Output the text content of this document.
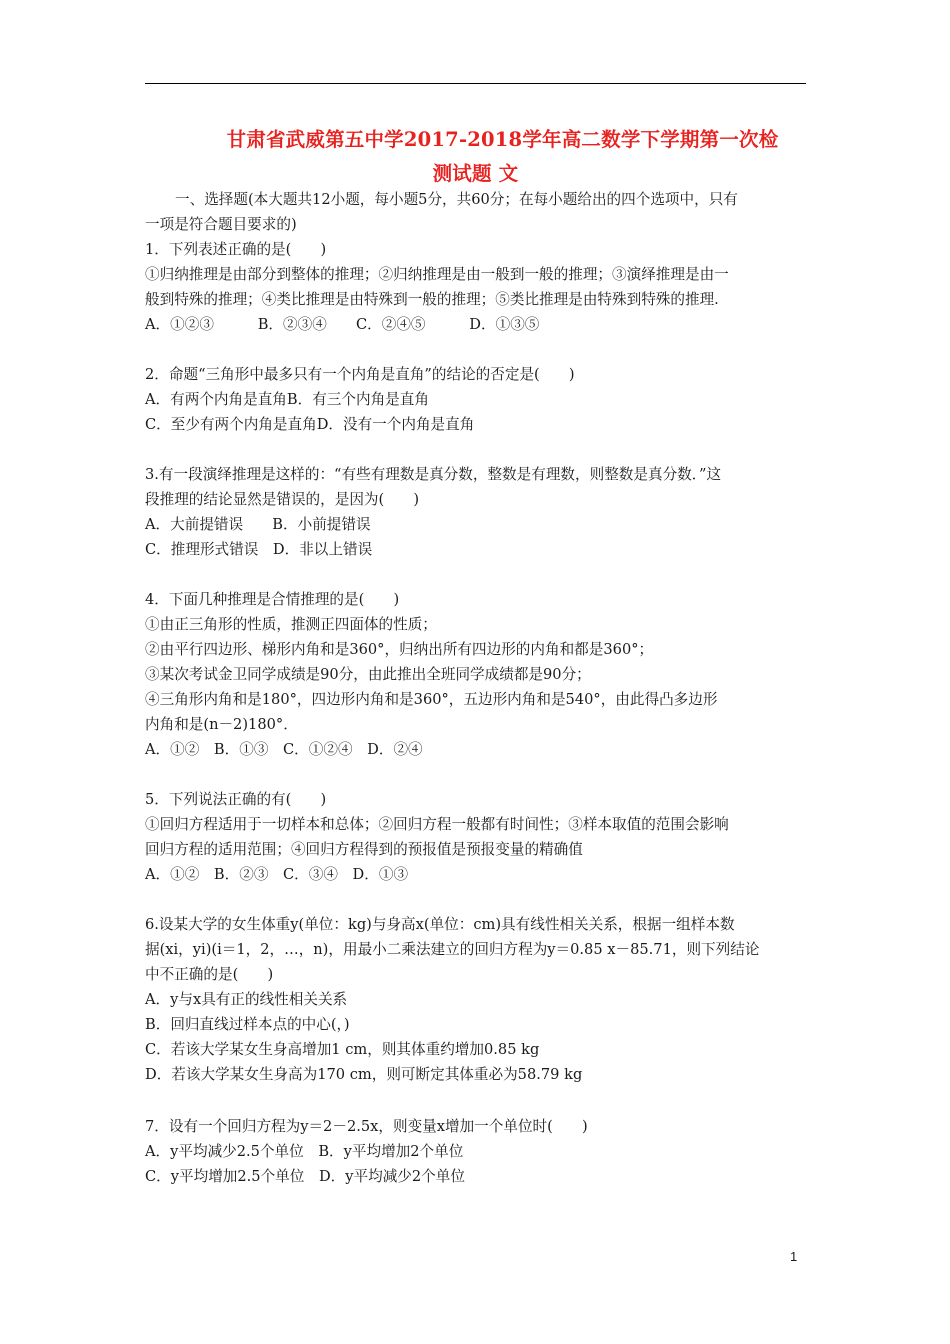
甘肃省武威第五中学2017-2018学年高二数学下学期第一次检
测试题 文
一、选择题(本大题共12小题，每小题5分，共60分；在每小题给出的四个选项中，只有
一项是符合题目要求的)
1．下列表述正确的是(　　)
①归纳推理是由部分到整体的推理；②归纳推理是由一般到一般的推理；③演绎推理是由一
般到特殊的推理；④类比推理是由特殊到一般的推理；⑤类比推理是由特殊到特殊的推理.
A．①②③　　　B．②③④　　C．②④⑤　　　D．①③⑤
2．命题“三角形中最多只有一个内角是直角”的结论的否定是(　　)
A．有两个内角是直角B．有三个内角是直角
C．至少有两个内角是直角D．没有一个内角是直角
3.有一段演绎推理是这样的：“有些有理数是真分数，整数是有理数，则整数是真分数．”这
段推理的结论显然是错误的，是因为(　　)
A．大前提错误　　B．小前提错误
C．推理形式错误　D．非以上错误
4．下面几种推理是合情推理的是(　　)
①由正三角形的性质，推测正四面体的性质；
②由平行四边形、梯形内角和是360°，归纳出所有四边形的内角和都是360°；
③某次考试金卫同学成绩是90分，由此推出全班同学成绩都是90分；
④三角形内角和是180°，四边形内角和是360°，五边形内角和是540°，由此得凸多边形
内角和是(n－2)180°．
A．①②　B．①③　C．①②④　D．②④
5．下列说法正确的有(　　)
①回归方程适用于一切样本和总体；②回归方程一般都有时间性；③样本取值的范围会影响
回归方程的适用范围；④回归方程得到的预报值是预报变量的精确值
A．①②　B．②③　C．③④　D．①③
6.设某大学的女生体重y(单位：kg)与身高x(单位：cm)具有线性相关关系，根据一组样本数
据(xi，yi)(i＝1，2，…，n)，用最小二乘法建立的回归方程为y＝0.85 x－85.71，则下列结论
中不正确的是(　　)
A．y与x具有正的线性相关关系
B．回归直线过样本点的中心(，)
C．若该大学某女生身高增加1 cm，则其体重约增加0.85 kg
D．若该大学某女生身高为170 cm，则可断定其体重必为58.79 kg
7．设有一个回归方程为y＝2－2.5x，则变量x增加一个单位时(　　)
A．y平均减少2.5个单位　B．y平均增加2个单位
C．y平均增加2.5个单位　D．y平均减少2个单位
1
